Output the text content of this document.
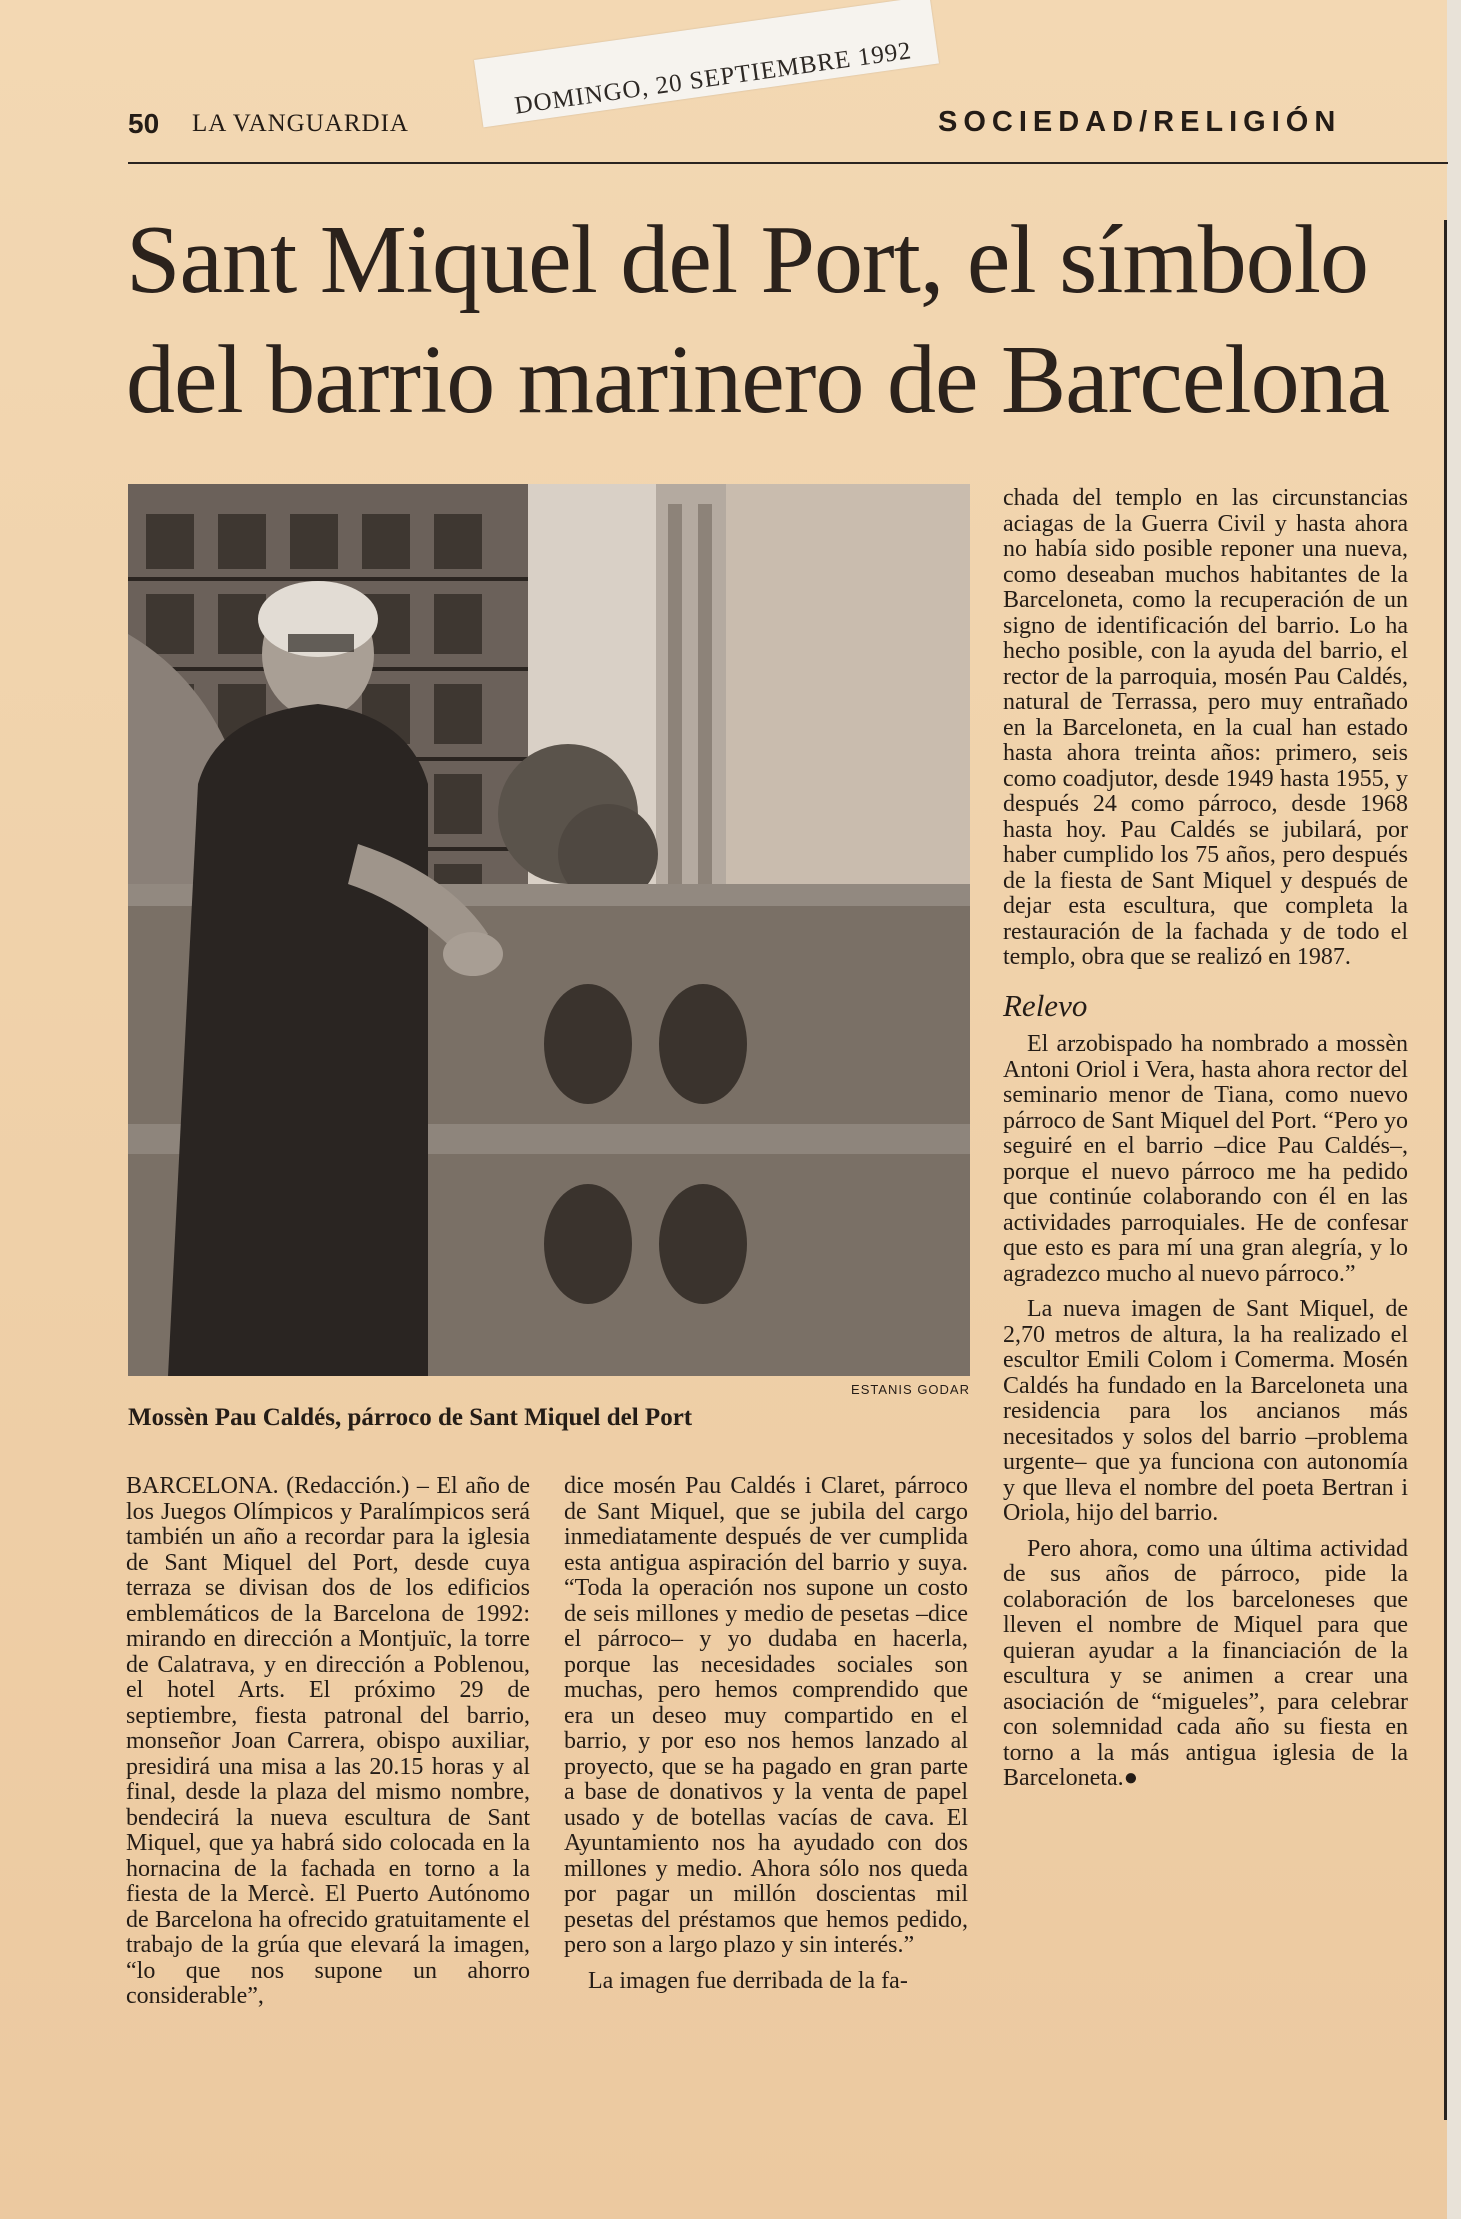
50 LA VANGUARDIA	SOCIEDAD/RELIGIÓN
DOMINGO, 20 SEPTIEMBRE 1992
Sant Miquel del Port, el símbolo
del barrio marinero de Barcelona
ESTANIS GODAR
Mossèn Pau Caldés, párroco de Sant Miquel del Port

BARCELONA. (Redacción.) – El año de los Juegos Olímpicos y Paralímpicos será también un año a recordar para la iglesia de Sant Miquel del Port, desde cuya terraza se divisan dos de los edificios emblemáticos de la Barcelona de 1992: mirando en dirección a Montjuïc, la torre de Calatrava, y en dirección a Poblenou, el hotel Arts. El próximo 29 de septiembre, fiesta patronal del barrio, monseñor Joan Carrera, obispo auxiliar, presidirá una misa a las 20.15 horas y al final, desde la plaza del mismo nombre, bendecirá la nueva escultura de Sant Miquel, que ya habrá sido colocada en la hornacina de la fachada en torno a la fiesta de la Mercè. El Puerto Autónomo de Barcelona ha ofrecido gratuitamente el trabajo de la grúa que elevará la imagen, “lo que nos supone un ahorro considerable”,

dice mosén Pau Caldés i Claret, párroco de Sant Miquel, que se jubila del cargo inmediatamente después de ver cumplida esta antigua aspiración del barrio y suya. “Toda la operación nos supone un costo de seis millones y medio de pesetas –dice el párroco– y yo dudaba en hacerla, porque las necesidades sociales son muchas, pero hemos comprendido que era un deseo muy compartido en el barrio, y por eso nos hemos lanzado al proyecto, que se ha pagado en gran parte a base de donativos y la venta de papel usado y de botellas vacías de cava. El Ayuntamiento nos ha ayudado con dos millones y medio. Ahora sólo nos queda por pagar un millón doscientas mil pesetas del préstamos que hemos pedido, pero son a largo plazo y sin interés.”

La imagen fue derribada de la fa-

chada del templo en las circunstancias aciagas de la Guerra Civil y hasta ahora no había sido posible reponer una nueva, como deseaban muchos habitantes de la Barceloneta, como la recuperación de un signo de identificación del barrio. Lo ha hecho posible, con la ayuda del barrio, el rector de la parroquia, mosén Pau Caldés, natural de Terrassa, pero muy entrañado en la Barceloneta, en la cual han estado hasta ahora treinta años: primero, seis como coadjutor, desde 1949 hasta 1955, y después 24 como párroco, desde 1968 hasta hoy. Pau Caldés se jubilará, por haber cumplido los 75 años, pero después de la fiesta de Sant Miquel y después de dejar esta escultura, que completa la restauración de la fachada y de todo el templo, obra que se realizó en 1987.

Relevo

El arzobispado ha nombrado a mossèn Antoni Oriol i Vera, hasta ahora rector del seminario menor de Tiana, como nuevo párroco de Sant Miquel del Port. “Pero yo seguiré en el barrio –dice Pau Caldés–, porque el nuevo párroco me ha pedido que continúe colaborando con él en las actividades parroquiales. He de confesar que esto es para mí una gran alegría, y lo agradezco mucho al nuevo párroco.”

La nueva imagen de Sant Miquel, de 2,70 metros de altura, la ha realizado el escultor Emili Colom i Comerma. Mosén Caldés ha fundado en la Barceloneta una residencia para los ancianos más necesitados y solos del barrio –problema urgente– que ya funciona con autonomía y que lleva el nombre del poeta Bertran i Oriola, hijo del barrio.

Pero ahora, como una última actividad de sus años de párroco, pide la colaboración de los barceloneses que lleven el nombre de Miquel para que quieran ayudar a la financiación de la escultura y se animen a crear una asociación de “migueles”, para celebrar con solemnidad cada año su fiesta en torno a la más antigua iglesia de la Barceloneta.●
